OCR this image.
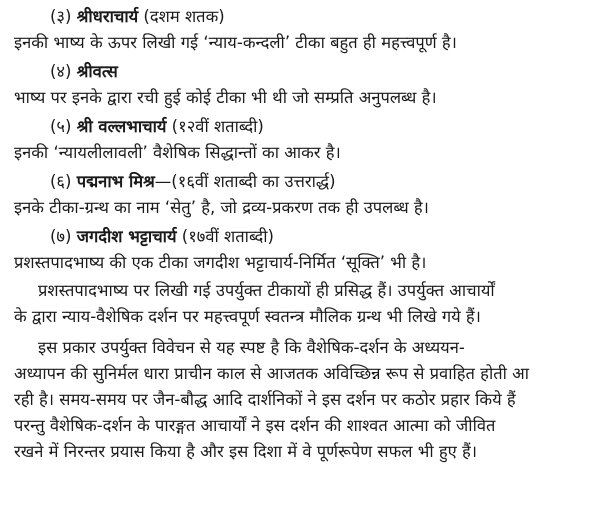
(३) श्रीधराचार्य (दशम शतक)
इनकी भाष्य के ऊपर लिखी गई ‘न्याय-कन्दली’ टीका बहुत ही महत्त्वपूर्ण है।
(४) श्रीवत्स
भाष्य पर इनके द्वारा रची हुई कोई टीका भी थी जो सम्प्रति अनुपलब्ध है।
(५) श्री वल्लभाचार्य (१२वीं शताब्दी)
इनकी ‘न्यायलीलावली’ वैशेषिक सिद्धान्तों का आकर है।
(६) पद्मनाभ मिश्र—(१६वीं शताब्दी का उत्तरार्द्ध)
इनके टीका-ग्रन्थ का नाम ‘सेतु’ है, जो द्रव्य-प्रकरण तक ही उपलब्ध है।
(७) जगदीश भट्टाचार्य (१७वीं शताब्दी)
प्रशस्तपादभाष्य की एक टीका जगदीश भट्टाचार्य-निर्मित ‘सूक्ति’ भी है।
प्रशस्तपादभाष्य पर लिखी गई उपर्युक्त टीकायों ही प्रसिद्ध हैं। उपर्युक्त आचार्यों
के द्वारा न्याय-वैशेषिक दर्शन पर महत्त्वपूर्ण स्वतन्त्र मौलिक ग्रन्थ भी लिखे गये हैं।
इस प्रकार उपर्युक्त विवेचन से यह स्पष्ट है कि वैशेषिक-दर्शन के अध्ययन-
अध्यापन की सुनिर्मल धारा प्राचीन काल से आजतक अविच्छिन्न रूप से प्रवाहित होती आ
रही है। समय-समय पर जैन-बौद्ध आदि दार्शनिकों ने इस दर्शन पर कठोर प्रहार किये हैं
परन्तु वैशेषिक-दर्शन के पारङ्गत आचार्यों ने इस दर्शन की शाश्वत आत्मा को जीवित
रखने में निरन्तर प्रयास किया है और इस दिशा में वे पूर्णरूपेण सफल भी हुए हैं।
